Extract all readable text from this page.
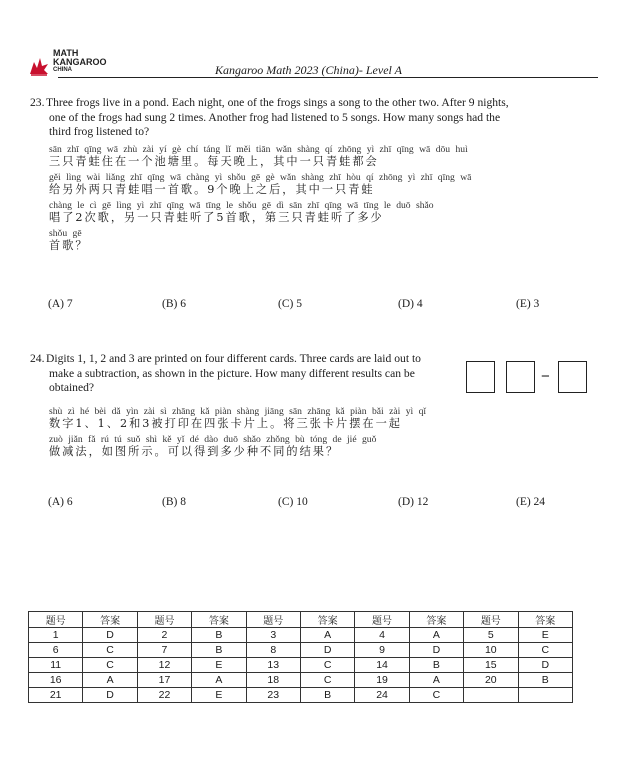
MATH
KANGAROO
CHINA	Kangaroo Math 2023 (China)- Level A

23. Three frogs live in a pond. Each night, one of the frogs sings a song to the other two. After 9 nights,
one of the frogs had sung 2 times. Another frog had listened to 5 songs. How many songs had the
third frog listened to?

sān zhī qīng wā zhù zài yí gè chí táng lǐ měi tiān wǎn shàng qí zhōng yì zhī qīng wā dōu huì
三只青蛙住在一个池塘里。每天晚上，其中一只青蛙都会
gěi lìng wài liǎng zhī qīng wā chàng yì shǒu gē gè wǎn shàng zhī hòu qí zhōng yì zhī qīng wā
给另外两只青蛙唱一首歌。9个晚上之后，其中一只青蛙
chàng le cì gē lìng yì zhī qīng wā tīng le shǒu gē dì sān zhī qīng wā tīng le duō shǎo
唱了2次歌，另一只青蛙听了5首歌，第三只青蛙听了多少
shǒu gē
首歌？
(A) 7	(B) 6	(C) 5	(D) 4	(E) 3

24. Digits 1, 1, 2 and 3 are printed on four different cards. Three cards are laid out to
make a subtraction, as shown in the picture. How many different results can be
obtained?

shù zì hé bèi dǎ yìn zài sì zhāng kǎ piàn shàng jiāng sān zhāng kǎ piàn bǎi zài yì qǐ
数字1、1、2和3被打印在四张卡片上。将三张卡片摆在一起
zuò jiǎn fǎ rú tú suǒ shì kě yǐ dé dào duō shǎo zhǒng bù tóng de jié guǒ
做减法，如图所示。可以得到多少种不同的结果？
−
(A) 6	(B) 8	(C) 10	(D) 12	(E) 24
题号	答案	题号	答案	题号	答案	题号	答案	题号	答案
1	D	2	B	3	A	4	A	5	E
6	C	7	B	8	D	9	D	10	C
11	C	12	E	13	C	14	B	15	D
16	A	17	A	18	C	19	A	20	B
21	D	22	E	23	B	24	C		
